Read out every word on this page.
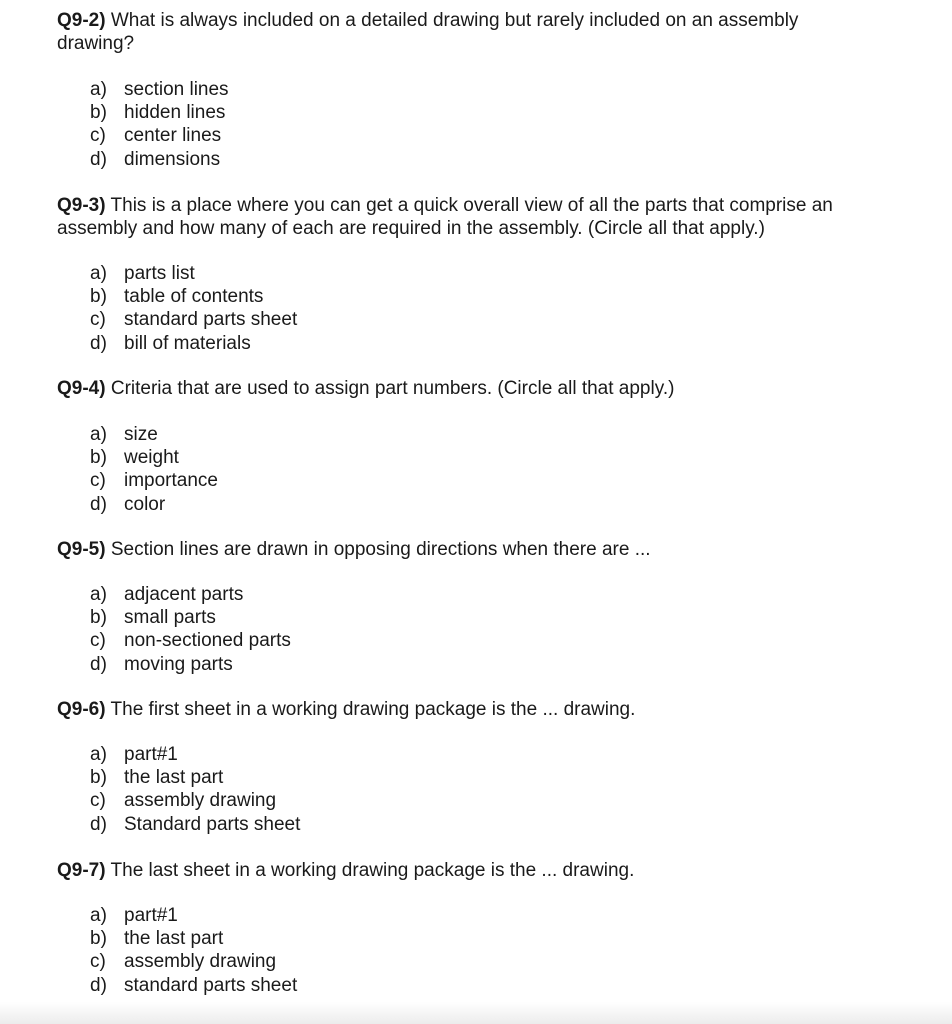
Q9-2) What is always included on a detailed drawing but rarely included on an assembly drawing?

a) section lines
b) hidden lines
c) center lines
d) dimensions

Q9-3) This is a place where you can get a quick overall view of all the parts that comprise an assembly and how many of each are required in the assembly. (Circle all that apply.)

a) parts list
b) table of contents
c) standard parts sheet
d) bill of materials

Q9-4) Criteria that are used to assign part numbers. (Circle all that apply.)

a) size
b) weight
c) importance
d) color

Q9-5) Section lines are drawn in opposing directions when there are ...

a) adjacent parts
b) small parts
c) non-sectioned parts
d) moving parts

Q9-6) The first sheet in a working drawing package is the ... drawing.

a) part#1
b) the last part
c) assembly drawing
d) Standard parts sheet

Q9-7) The last sheet in a working drawing package is the ... drawing.

a) part#1
b) the last part
c) assembly drawing
d) standard parts sheet
